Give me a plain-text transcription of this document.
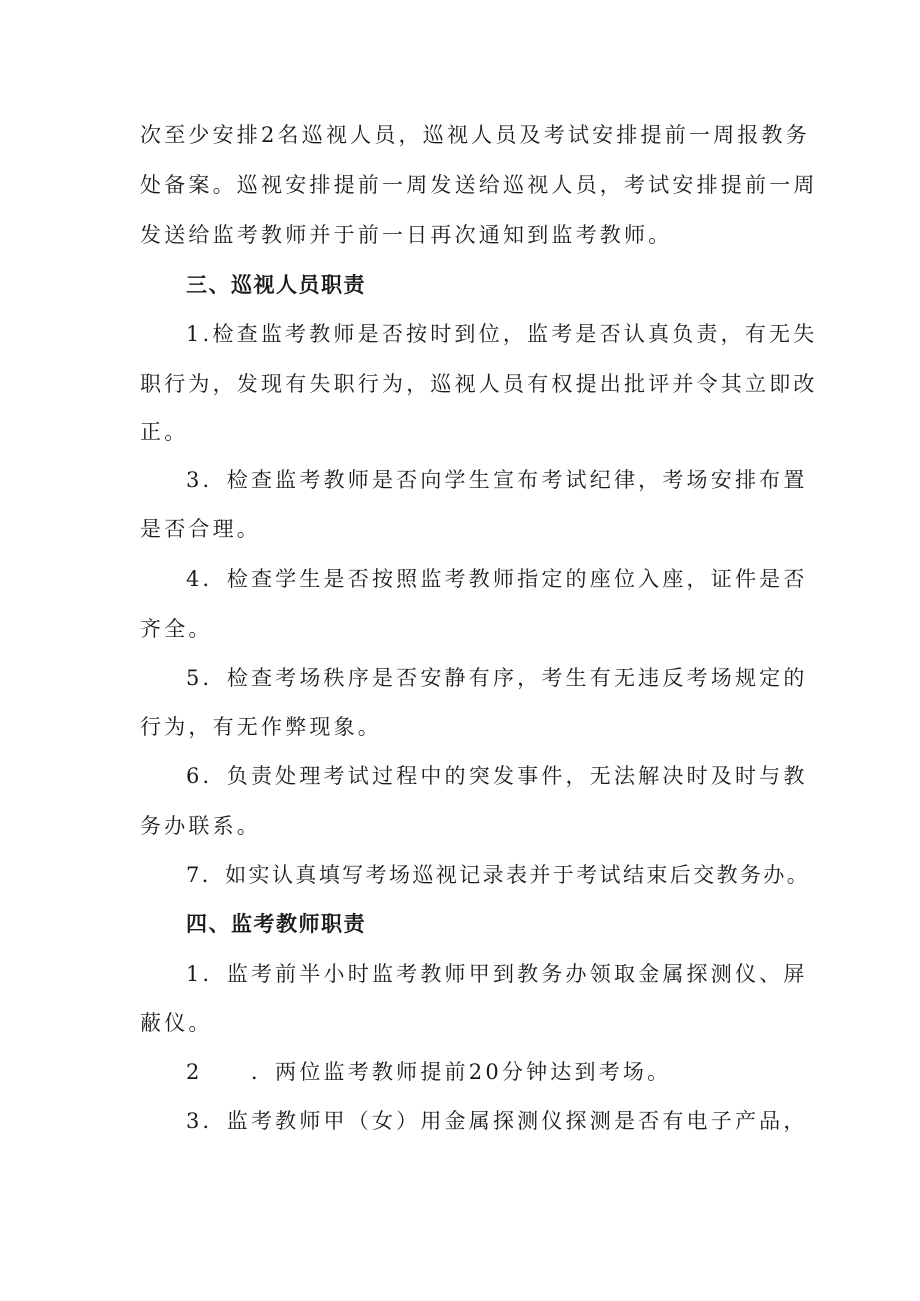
次至少安排2名巡视人员，巡视人员及考试安排提前一周报教务
处备案。巡视安排提前一周发送给巡视人员，考试安排提前一周
发送给监考教师并于前一日再次通知到监考教师。
三、巡视人员职责
1.检查监考教师是否按时到位，监考是否认真负责，有无失
职行为，发现有失职行为，巡视人员有权提出批评并令其立即改
正。
3．检查监考教师是否向学生宣布考试纪律，考场安排布置
是否合理。
4．检查学生是否按照监考教师指定的座位入座，证件是否
齐全。
5．检查考场秩序是否安静有序，考生有无违反考场规定的
行为，有无作弊现象。
6．负责处理考试过程中的突发事件，无法解决时及时与教
务办联系。
7．如实认真填写考场巡视记录表并于考试结束后交教务办。
四、监考教师职责
1．监考前半小时监考教师甲到教务办领取金属探测仪、屏
蔽仪。
2　　．两位监考教师提前20分钟达到考场。
3．监考教师甲（女）用金属探测仪探测是否有电子产品，
